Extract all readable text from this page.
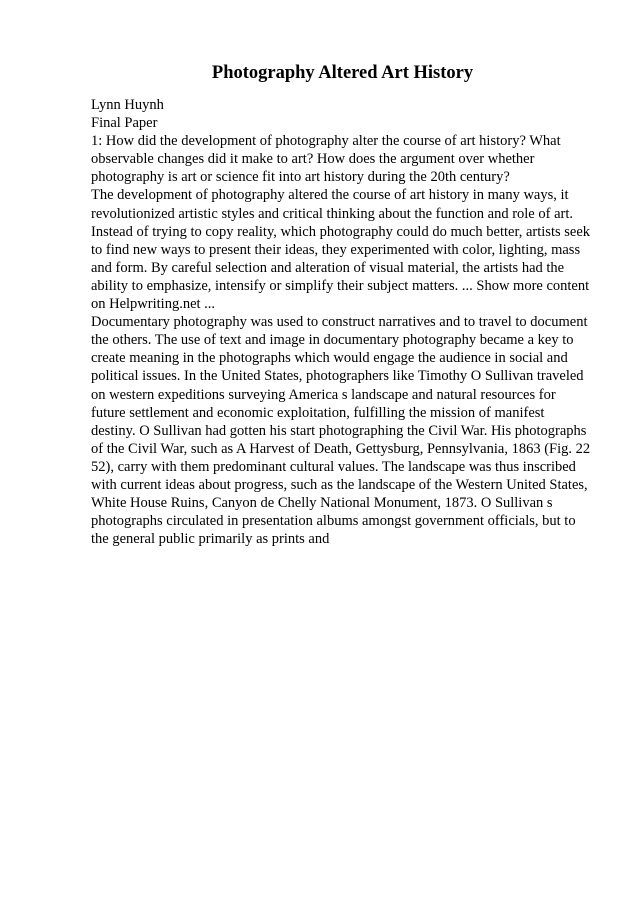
Photography Altered Art History
Lynn Huynh
Final Paper
1: How did the development of photography alter the course of art history? What
observable changes did it make to art? How does the argument over whether
photography is art or science fit into art history during the 20th century?
The development of photography altered the course of art history in many ways, it
revolutionized artistic styles and critical thinking about the function and role of art.
Instead of trying to copy reality, which photography could do much better, artists seek
to find new ways to present their ideas, they experimented with color, lighting, mass
and form. By careful selection and alteration of visual material, the artists had the
ability to emphasize, intensify or simplify their subject matters. ... Show more content
on Helpwriting.net ...
Documentary photography was used to construct narratives and to travel to document
the others. The use of text and image in documentary photography became a key to
create meaning in the photographs which would engage the audience in social and
political issues. In the United States, photographers like Timothy O Sullivan traveled
on western expeditions surveying America s landscape and natural resources for
future settlement and economic exploitation, fulfilling the mission of manifest
destiny. O Sullivan had gotten his start photographing the Civil War. His photographs
of the Civil War, such as A Harvest of Death, Gettysburg, Pennsylvania, 1863 (Fig. 22
52), carry with them predominant cultural values. The landscape was thus inscribed
with current ideas about progress, such as the landscape of the Western United States,
White House Ruins, Canyon de Chelly National Monument, 1873. O Sullivan s
photographs circulated in presentation albums amongst government officials, but to
the general public primarily as prints and
